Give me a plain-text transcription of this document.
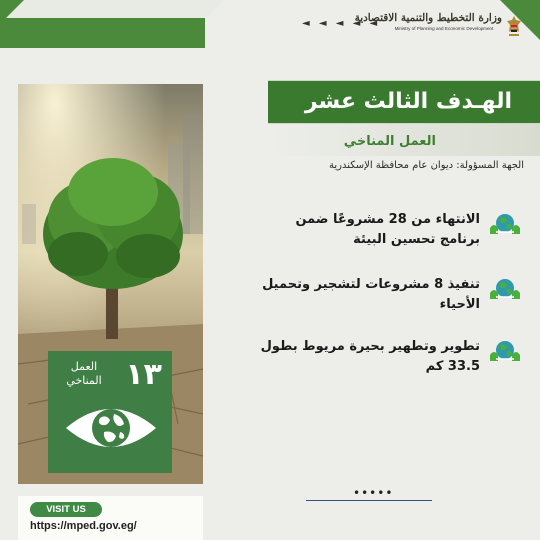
◄ ◄ ◄ ◄ ◄
وزارة التخطيط والتنمية الاقتصادية
Ministry of Planning and Economic Development
١٣
العمل
المناخي
VISIT US
https://mped.gov.eg/
الهـدف الثالث عشر
العمل المناخي
الجهة المسؤولة: ديوان عام محافظة الإسكندرية
الانتهاء من 28 مشروعًا ضمن برنامج تحسين البيئة
تنفيذ 8 مشروعات لتشجير وتحميل الأحياء
تطوير وتطهير بحيرة مريوط بطول 33.5 كم
•••••
